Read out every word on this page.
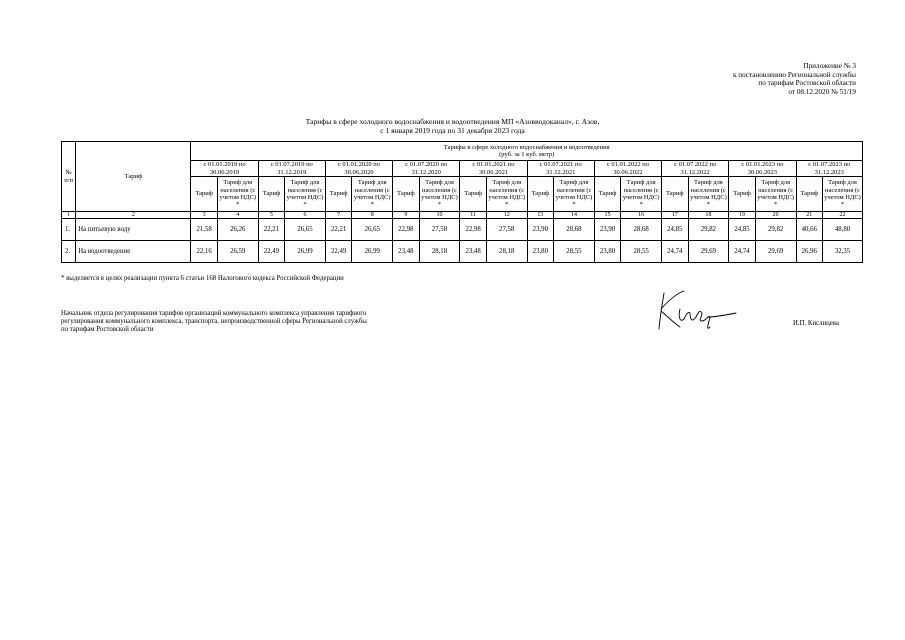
Приложение № 3
к постановлению Региональной службы
по тарифам Ростовской области
от 08.12.2020 № 51/19
Тарифы в сфере холодного водоснабжения и водоотведения МП «Азовводоканал», г. Азов,
с 1 января 2019 года по 31 декабря 2023 года
№ п/п	Тариф	Тарифы в сфере холодного водоснабжения и водоотведения
(руб. за 1 куб. метр)																			

		с 01.01.2019 по 30.06.2019		с 01.07.2019 по 31.12.2019		с 01.01.2020 по 30.06.2020		с 01.07.2020 по 31.12.2020		с 01.01.2021 по 30.06.2021		с 01.07.2021 по 31.12.2021		с 01.01.2022 по 30.06.2022		с 01.07.2022 по 31.12.2022		с 01.01.2023 по 30.06.2023		с 01.07.2023 по 31.12.2023	
		Тариф	Тариф для населения (с учетом НДС) *	Тариф	Тариф для населения (с учетом НДС) *	Тариф	Тариф для населения (с учетом НДС) *	Тариф	Тариф для населения (с учетом НДС) *	Тариф	Тариф для населения (с учетом НДС) *	Тариф	Тариф для населения (с учетом НДС) *	Тариф	Тариф для населения (с учетом НДС) *	Тариф	Тариф для населения (с учетом НДС) *	Тариф	Тариф для населения (с учетом НДС) *	Тариф	Тариф для населения (с учетом НДС) *
1	2	3	4	5	6	7	8	9	10	11	12	13	14	15	16	17	18	19	20	21	22
1.	На питьевую воду	21,58	26,26	22,21	26,65	22,21	26,65	22,98	27,58	22,98	27,58	23,90	28,68	23,90	28,68	24,85	29,82	24,85	29,82	40,66	48,80
2.	На водоотведение	22,16	26,59	22,49	26,99	22,49	26,99	23,48	28,18	23,48	28,18	23,80	28,55	23,80	28,55	24,74	29,69	24,74	29,69	26,96	32,35
* выделяется в целях реализации пункта 6 статьи 168 Налогового кодекса Российской Федерации
Начальник отдела регулирования тарифов организаций коммунального комплекса управления тарифного
регулирования коммунального комплекса, транспорта, непроизводственной сферы Региональной службы
по тарифам Ростовской области
И.П. Кислицева
